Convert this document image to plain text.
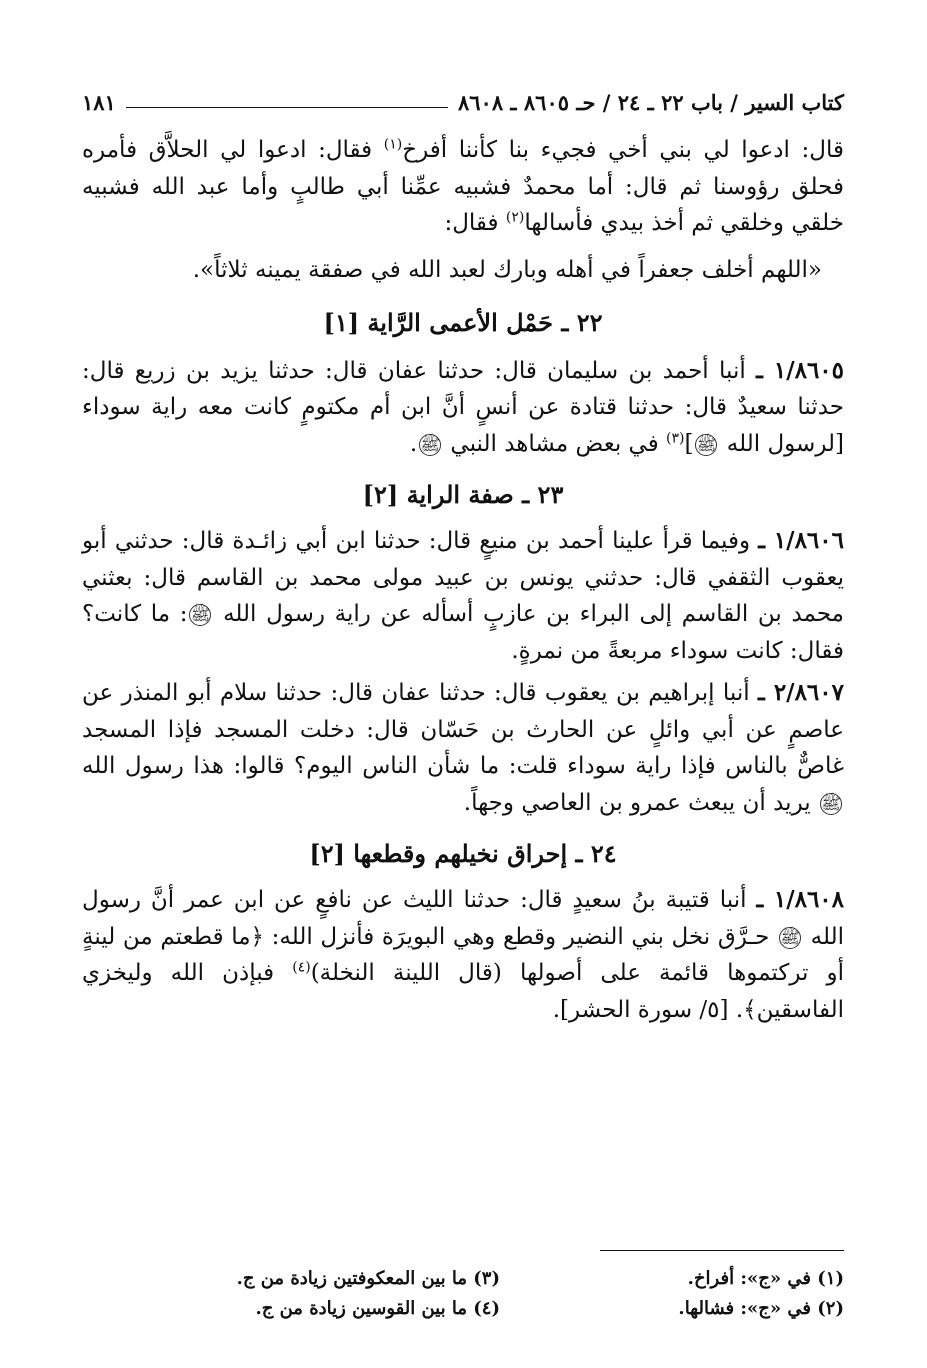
كتاب السير / باب ٢٢ ـ ٢٤ / حـ ٨٦٠٥ ـ ٨٦٠٨
١٨١

قال: ادعوا لي بني أخي فجيء بنا كأننا أفرخ$^{(١)}$ فقال: ادعوا لي الحلاَّق فأمره فحلق رؤوسنا ثم قال: أما محمدٌ فشبيه عمِّنا أبي طالبٍ وأما عبد الله فشبيه خلقي وخلقي ثم أخذ بيدي فأسالها$^{(٢)}$ فقال:

«اللهم أخلف جعفراً في أهله وبارك لعبد الله في صفقة يمينه ثلاثاً».

٢٢ ـ حَمْل الأعمى الرَّاية [١]

١/٨٦٠٥ ـ أنبا أحمد بن سليمان قال: حدثنا عفان قال: حدثنا يزيد بن زريع قال: حدثنا سعيدٌ قال: حدثنا قتادة عن أنسٍ أنَّ ابن أم مكتومٍ كانت معه راية سوداء [لرسول الله ﷺ]$^{(٣)}$ في بعض مشاهد النبي ﷺ.

٢٣ ـ صفة الراية [٢]

١/٨٦٠٦ ـ وفيما قرأ علينا أحمد بن منيعٍ قال: حدثنا ابن أبي زائـدة قال: حدثني أبو يعقوب الثقفي قال: حدثني يونس بن عبيد مولى محمد بن القاسم قال: بعثني محمد بن القاسم إلى البراء بن عازبٍ أسأله عن راية رسول الله ﷺ: ما كانت؟ فقال: كانت سوداء مربعةً من نمرةٍ.

٢/٨٦٠٧ ـ أنبا إبراهيم بن يعقوب قال: حدثنا عفان قال: حدثنا سلام أبو المنذر عن عاصمٍ عن أبي وائلٍ عن الحارث بن حَسّان قال: دخلت المسجد فإذا المسجد غاصٌّ بالناس فإذا راية سوداء قلت: ما شأن الناس اليوم؟ قالوا: هذا رسول الله ﷺ يريد أن يبعث عمرو بن العاصي وجهاً.

٢٤ ـ إحراق نخيلهم وقطعها [٢]

١/٨٦٠٨ ـ أنبا قتيبة بنُ سعيدٍ قال: حدثنا الليث عن نافعٍ عن ابن عمر أنَّ رسول الله ﷺ حـرَّق نخل بني النضير وقطع وهي البويرَة فأنزل الله: ﴿ما قطعتم من لينةٍ أو تركتموها قائمة على أصولها (قال اللينة النخلة)$^{(٤)}$ فبإذن الله وليخزي الفاسقين﴾. [٥/ سورة الحشر].

(١) في «ج»: أفراخ.
(٢) في «ج»: فشالها.
(٣) ما بين المعكوفتين زيادة من ج.
(٤) ما بين القوسين زيادة من ج.
